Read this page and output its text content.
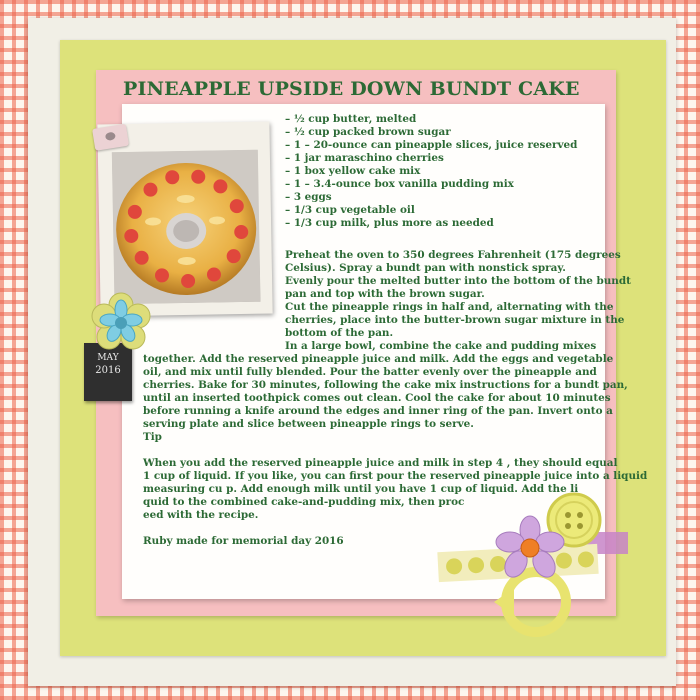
PINEAPPLE UPSIDE DOWN BUNDT CAKE
– ½ cup butter, melted
– ½ cup packed brown sugar
– 1 – 20-ounce can pineapple slices, juice reserved
– 1 jar maraschino cherries
– 1 box yellow cake mix
– 1 – 3.4-ounce box vanilla pudding mix
– 3 eggs
– 1/3 cup vegetable oil
– 1/3 cup milk, plus more as needed
Preheat the oven to 350 degrees Fahrenheit (175 degrees
Celsius). Spray a bundt pan with nonstick spray.
Evenly pour the melted butter into the bottom of the bundt
pan and top with the brown sugar.
Cut the pineapple rings in half and, alternating with the
cherries, place into the butter-brown sugar mixture in the
bottom of the pan.
In a large bowl, combine the cake and pudding mixes
together. Add the reserved pineapple juice and milk. Add the eggs and vegetable
oil, and mix until fully blended. Pour the batter evenly over the pineapple and
cherries. Bake for 30 minutes, following the cake mix instructions for a bundt pan,
until an inserted toothpick comes out clean. Cool the cake for about 10 minutes
before running a knife around the edges and inner ring of the pan. Invert onto a
serving plate and slice between pineapple rings to serve.
Tip
When you add the reserved pineapple juice and milk in step 4 , they should equal
1 cup of liquid. If you like, you can first pour the reserved pineapple juice into a liquid
measuring cu p. Add enough milk until you have 1 cup of liquid. Add the li
quid to the combined cake-and-pudding mix, then proc
eed with the recipe.
Ruby made for memorial day 2016
MAY
2016
